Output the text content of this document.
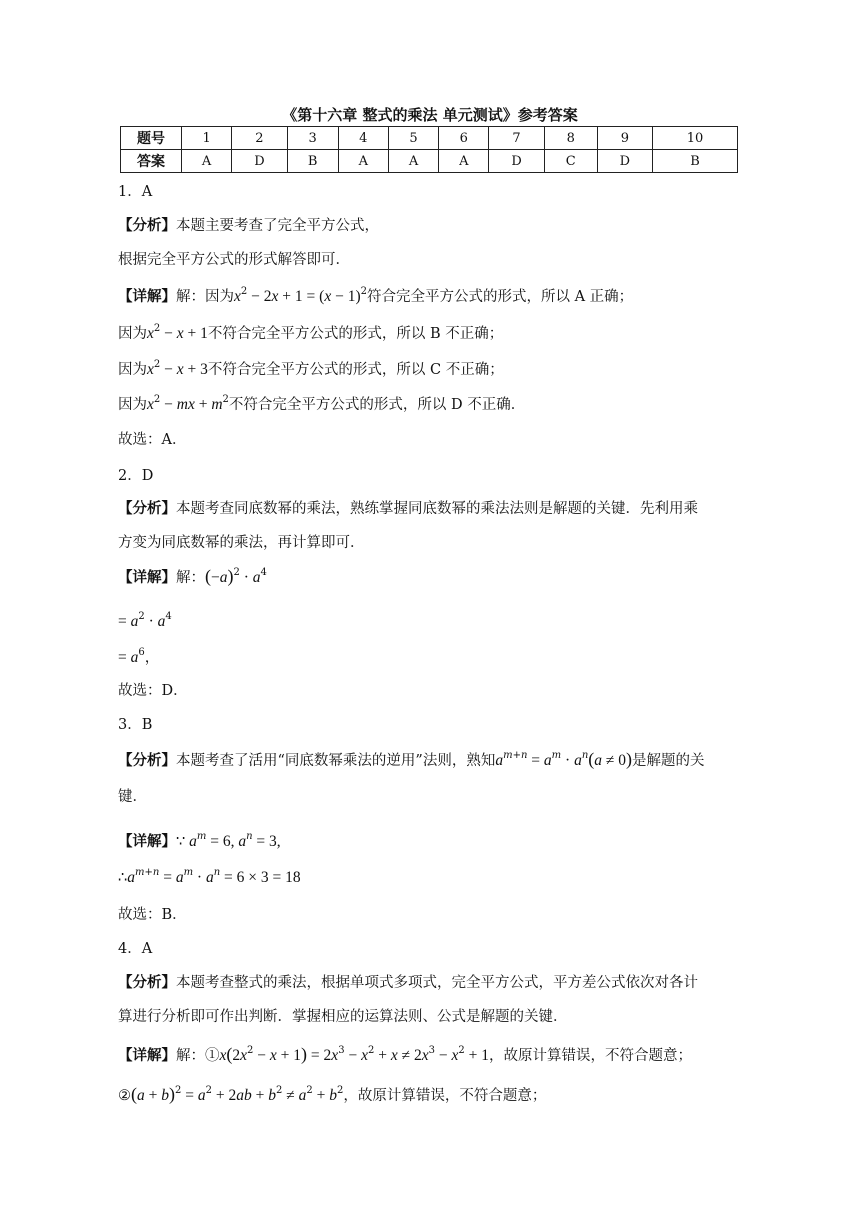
《第十六章 整式的乘法 单元测试》参考答案
题号	1	2	3	4	5	6	7	8	9	10
答案	A	D	B	A	A	A	D	C	D	B
1．A
【分析】本题主要考查了完全平方公式，
根据完全平方公式的形式解答即可．
【详解】解：因为$x^2 - 2x + 1 = (x - 1)^2$符合完全平方公式的形式，所以 A 正确；
因为$x^2 - x + 1$不符合完全平方公式的形式，所以 B 不正确；
因为$x^2 - x + 3$不符合完全平方公式的形式，所以 C 不正确；
因为$x^2$ − mx + $m^2$不符合完全平方公式的形式，所以 D 不正确．
故选：A．
2．D
【分析】本题考查同底数幂的乘法，熟练掌握同底数幂的乘法法则是解题的关键．先利用乘
方变为同底数幂的乘法，再计算即可．
【详解】解：$(-a)^2 \cdot a^4$
= $a^2 \cdot a^4$
= $a^6$，
故选：D．
3．B
【分析】本题考查了活用“同底数幂乘法的逆用”法则，熟知$a^{m+n} = a^m \cdot a^n(a \ne 0)$是解题的关
键．
【详解】∵ $a^m = 6$, $a^n = 3$,
$\therefore a^{m+n} = a^m \cdot a^n = 6 \times 3 = 18$
故选：B．
4．A
【分析】本题考查整式的乘法，根据单项式多项式，完全平方公式，平方差公式依次对各计
算进行分析即可作出判断．掌握相应的运算法则、公式是解题的关键．
【详解】解：$①x(2x^2 - x + 1) = 2x^3 - x^2 + x \ne 2x^3 - x^2 + 1$，故原计算错误，不符合题意；
②(a + $b)^2 = a^2 + 2ab + b^2 \ne a^2 + b^2$，故原计算错误，不符合题意；
